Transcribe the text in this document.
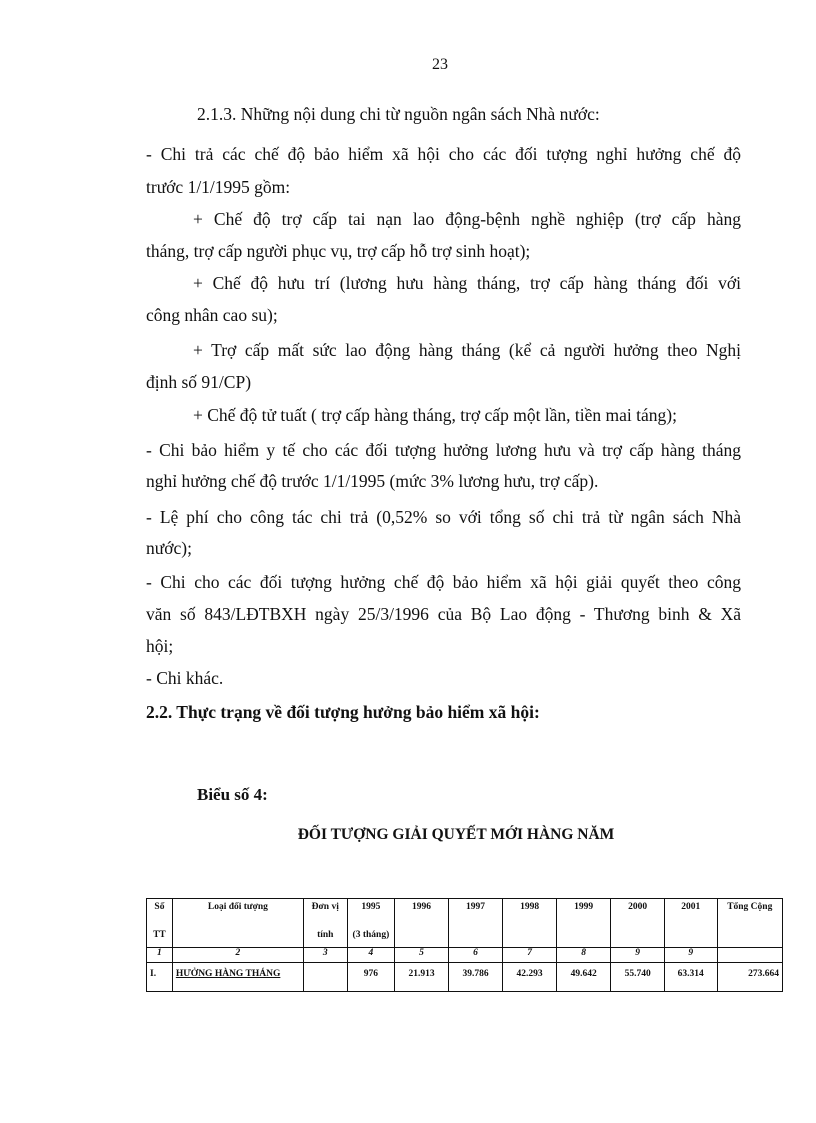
23
2.1.3. Những nội dung chi từ nguồn ngân sách Nhà nước:
- Chi trả các chế độ bảo hiểm xã hội cho các đối tượng nghỉ hưởng chế độ
trước 1/1/1995 gồm:
+ Chế độ trợ cấp tai nạn lao động-bệnh nghề nghiệp (trợ cấp hàng
tháng, trợ cấp người phục vụ, trợ cấp hỗ trợ sinh hoạt);
+ Chế độ hưu trí (lương hưu hàng tháng, trợ cấp hàng tháng đối với
công nhân cao su);
+ Trợ cấp mất sức lao động hàng tháng (kể cả người hưởng theo Nghị
định số 91/CP)
+ Chế độ tử tuất ( trợ cấp hàng tháng, trợ cấp một lần, tiền mai táng);
- Chi bảo hiểm y tế cho các đối tượng hưởng lương hưu và trợ cấp hàng tháng
nghỉ hưởng chế độ trước 1/1/1995 (mức 3% lương hưu, trợ cấp).
- Lệ phí cho công tác chi trả (0,52% so với tổng số chi trả từ ngân sách Nhà
nước);
- Chi cho các đối tượng hưởng chế độ bảo hiểm xã hội giải quyết theo công
văn số 843/LĐTBXH ngày 25/3/1996 của Bộ Lao động - Thương binh & Xã
hội;
- Chi khác.
2.2. Thực trạng về đối tượng hưởng bảo hiểm xã hội:
Biểu số 4:
ĐỐI TƯỢNG GIẢI QUYẾT MỚI HÀNG NĂM
Số	Loại đối tượng	Đơn vị	1995	1996	1997	1998	1999	2000	2001	Tổng Cộng
TT		tính	(3 tháng)							
1	2	3	4	5	6	7	8	9	9	
I.	HƯỞNG HÀNG THÁNG		976	21.913	39.786	42.293	49.642	55.740	63.314	273.664
